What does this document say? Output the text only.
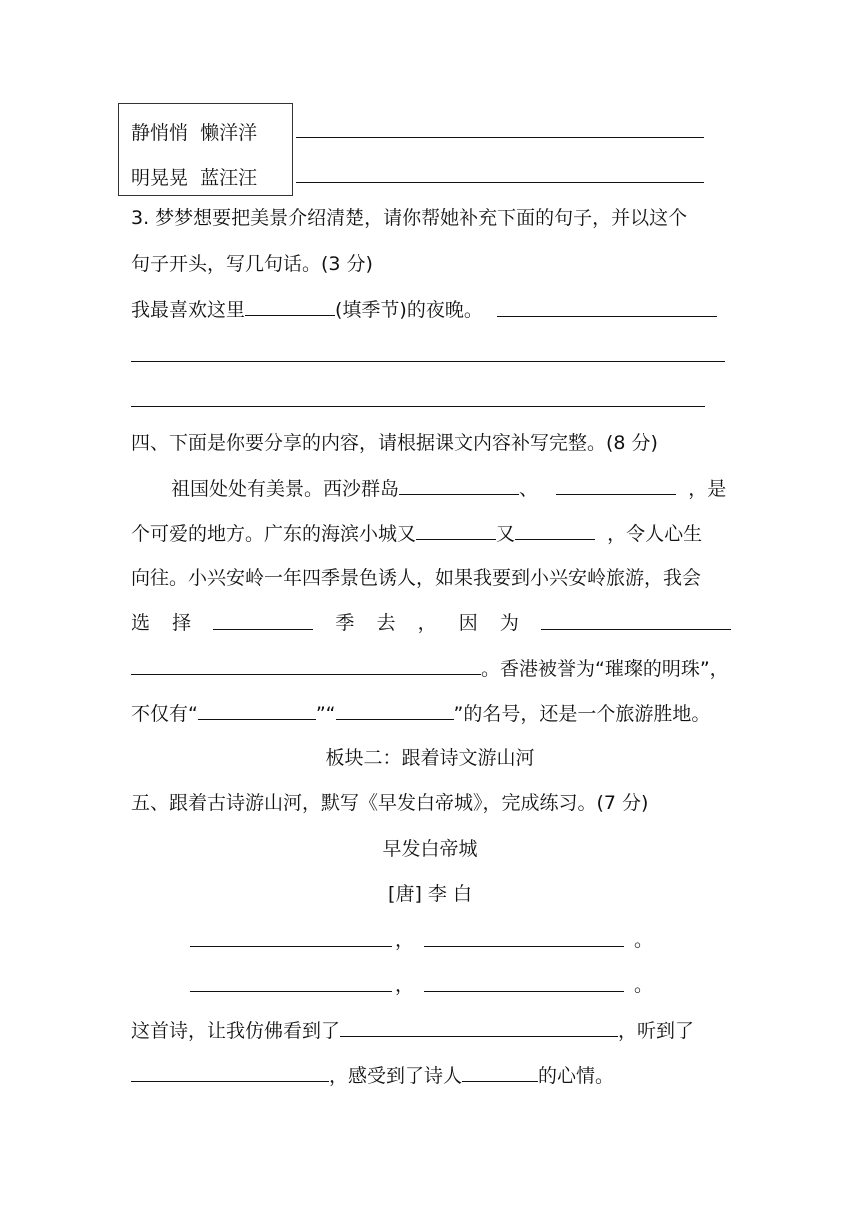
静悄悄 懒洋洋
明晃晃 蓝汪汪
3. 梦梦想要把美景介绍清楚，请你帮她补充下面的句子，并以这个
句子开头，写几句话。(3 分)
我最喜欢这里	(填季节)的夜晚。
四、下面是你要分享的内容，请根据课文内容补写完整。(8 分)
祖国处处有美景。西沙群岛	、	，是
个可爱的地方。广东的海滨小城又	又	，令人心生
向往。小兴安岭一年四季景色诱人，如果我要到小兴安岭旅游，我会
选 择	季 去 ， 因 为
。香港被誉为“璀璨的明珠”，
不仅有“	”“	”的名号，还是一个旅游胜地。
板块二：跟着诗文游山河
五、跟着古诗游山河，默写《早发白帝城》，完成练习。(7 分)
早发白帝城
[唐] 李 白
，	。
，	。
这首诗，让我仿佛看到了	，听到了
，感受到了诗人	的心情。
